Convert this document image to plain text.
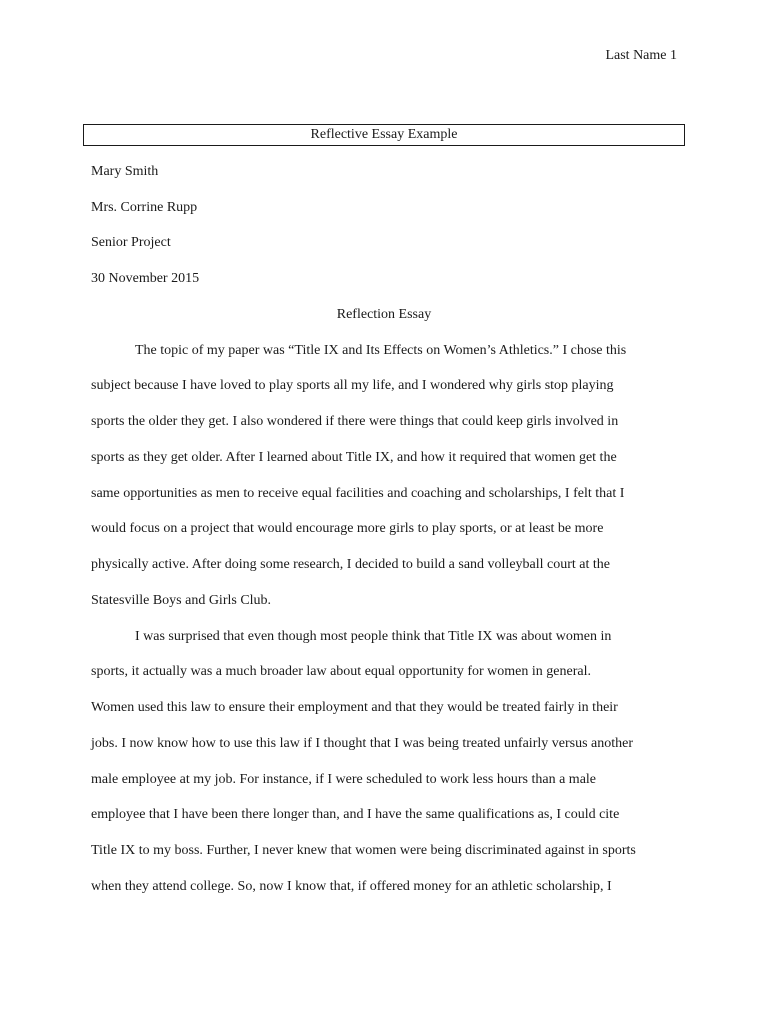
Last Name 1
Reflective Essay Example
Mary Smith
Mrs. Corrine Rupp
Senior Project
30 November 2015
Reflection Essay
The topic of my paper was “Title IX and Its Effects on Women’s Athletics.” I chose this
subject because I have loved to play sports all my life, and I wondered why girls stop playing
sports the older they get. I also wondered if there were things that could keep girls involved in
sports as they get older. After I learned about Title IX, and how it required that women get the
same opportunities as men to receive equal facilities and coaching and scholarships, I felt that I
would focus on a project that would encourage more girls to play sports, or at least be more
physically active. After doing some research, I decided to build a sand volleyball court at the
Statesville Boys and Girls Club.
I was surprised that even though most people think that Title IX was about women in
sports, it actually was a much broader law about equal opportunity for women in general.
Women used this law to ensure their employment and that they would be treated fairly in their
jobs. I now know how to use this law if I thought that I was being treated unfairly versus another
male employee at my job. For instance, if I were scheduled to work less hours than a male
employee that I have been there longer than, and I have the same qualifications as, I could cite
Title IX to my boss. Further, I never knew that women were being discriminated against in sports
when they attend college. So, now I know that, if offered money for an athletic scholarship, I
